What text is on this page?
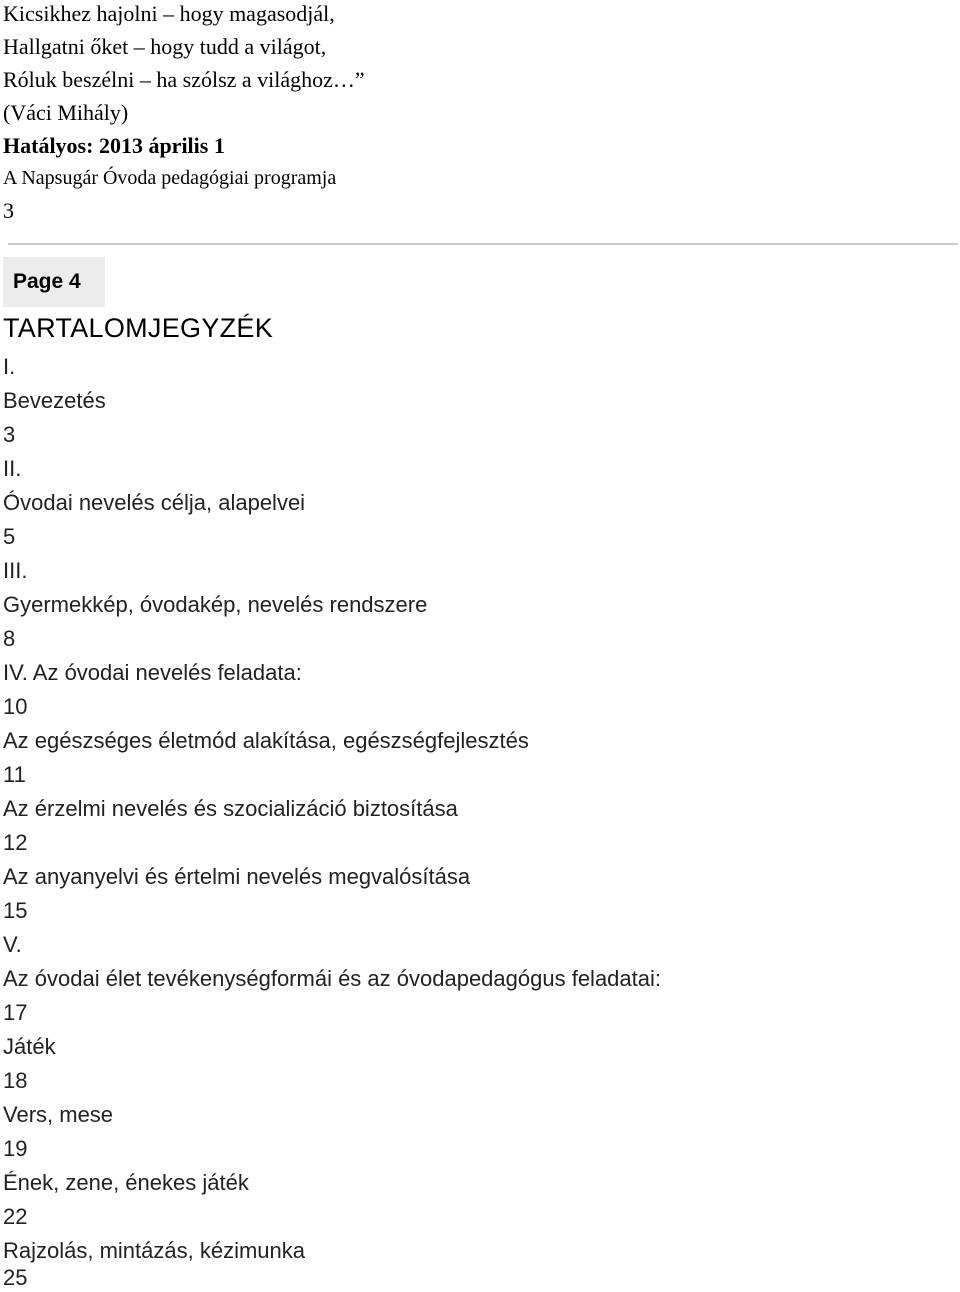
Kicsikhez hajolni – hogy magasodjál,
Hallgatni őket – hogy tudd a világot,
Róluk beszélni – ha szólsz a világhoz…”
(Váci Mihály)
Hatályos: 2013 április 1
A Napsugár Óvoda pedagógiai programja
3
Page 4
TARTALOMJEGYZÉK
I.
Bevezetés
3
II.
Óvodai nevelés célja, alapelvei
5
III.
Gyermekkép, óvodakép, nevelés rendszere
8
IV. Az óvodai nevelés feladata:
10
Az egészséges életmód alakítása, egészségfejlesztés
11
Az érzelmi nevelés és szocializáció biztosítása
12
Az anyanyelvi és értelmi nevelés megvalósítása
15
V.
Az óvodai élet tevékenységformái és az óvodapedagógus feladatai:
17
Játék
18
Vers, mese
19
Ének, zene, énekes játék
22
Rajzolás, mintázás, kézimunka
25
